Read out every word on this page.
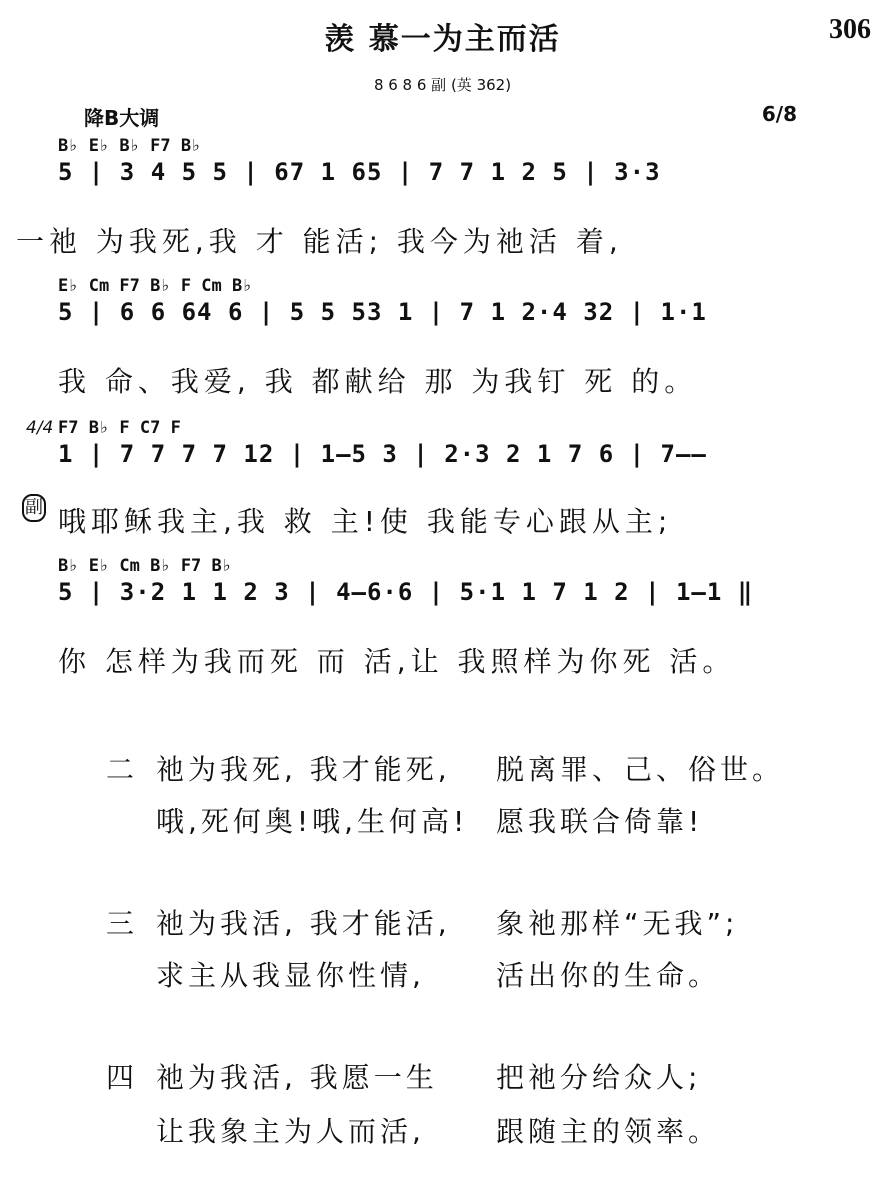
羡 慕一为主而活	306
8 6 8 6 副 (英 362)
降B大调	6/8
4/4
B♭ E♭ B♭ F7 B♭
5 | 3 4 5 5 | 67 1 65 | 7 7 1 2 5 | 3·3
一祂 为我死,我 才 能活; 我今为祂活 着,
E♭ Cm F7 B♭ F Cm B♭
5 | 6 6 64 6 | 5 5 53 1 | 7 1 2·4 32 | 1·1
我 命、我爱, 我 都献给 那 为我钉 死 的。
F7 B♭ F C7 F
1 | 7 7 7 7 12 | 1–5 3 | 2·3 2 1 7 6 | 7––
副 哦耶稣我主,我 救 主!使 我能专心跟从主;
B♭ E♭ Cm B♭ F7 B♭
5 | 3·2 1 1 2 3 | 4–6·6 | 5·1 1 7 1 2 | 1–1 ‖
你 怎样为我而死 而 活,让 我照样为你死 活。
二 祂为我死, 我才能死, 脱离罪、己、俗世。
哦,死何奥!哦,生何高! 愿我联合倚靠!
三 祂为我活, 我才能活, 象祂那样“无我”;
求主从我显你性情,	活出你的生命。
四 祂为我活, 我愿一生 把祂分给众人;
让我象主为人而活,	跟随主的领率。
